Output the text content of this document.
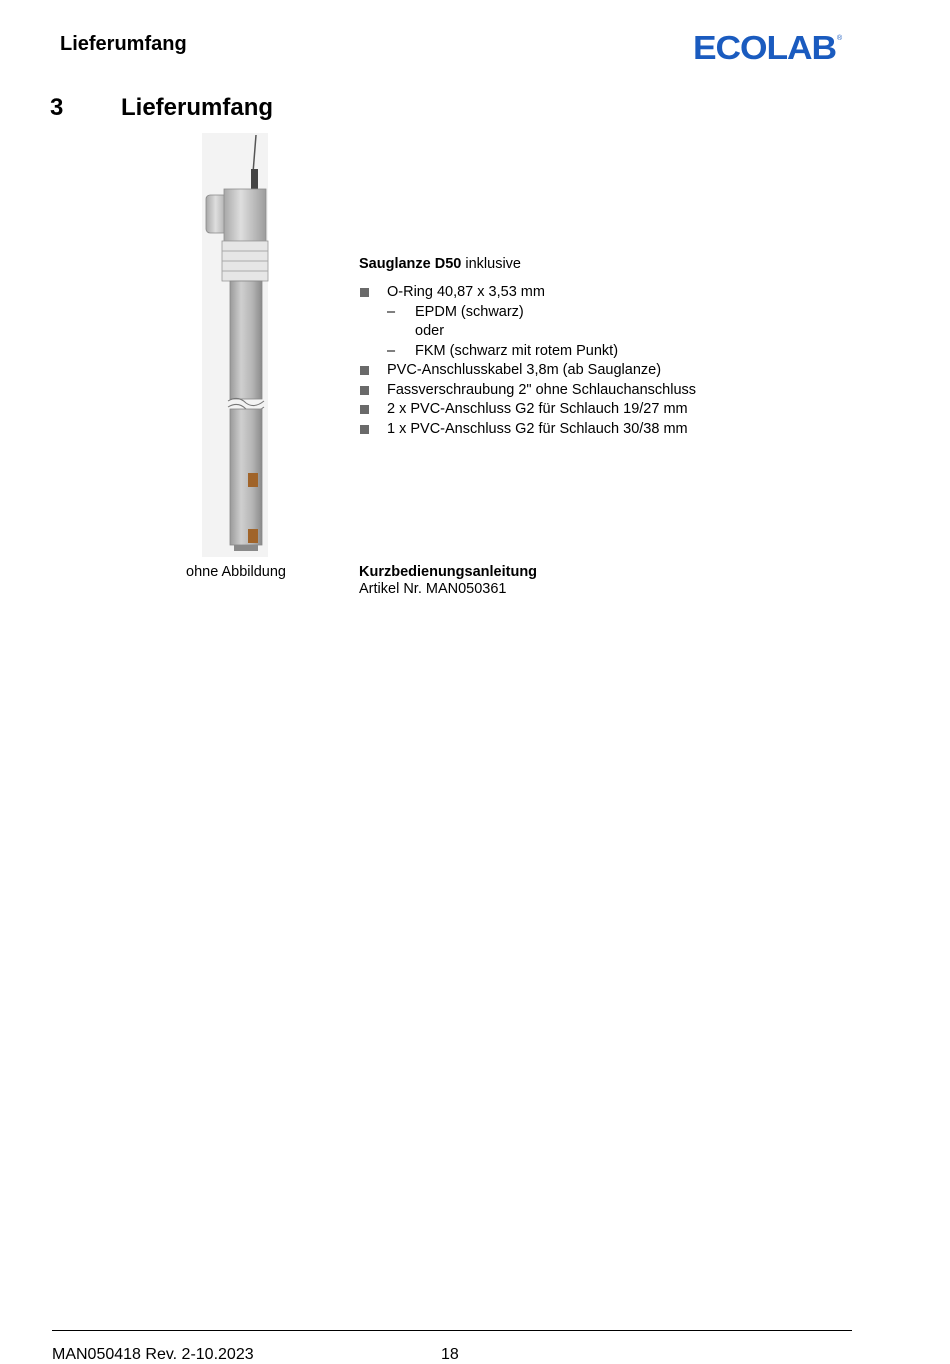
Lieferumfang	ECOLAB ®
3 Lieferumfang
Sauglanze D50 inklusive
O-Ring 40,87 x 3,53 mm
– EPDM (schwarz)
oder
– FKM (schwarz mit rotem Punkt)
PVC-Anschlusskabel 3,8m (ab Sauglanze)
Fassverschraubung 2" ohne Schlauchanschluss
2 x PVC-Anschluss G2 für Schlauch 19/27 mm
1 x PVC-Anschluss G2 für Schlauch 30/38 mm
ohne Abbildung	Kurzbedienungsanleitung
Artikel Nr. MAN050361
MAN050418 Rev. 2-10.2023	18
